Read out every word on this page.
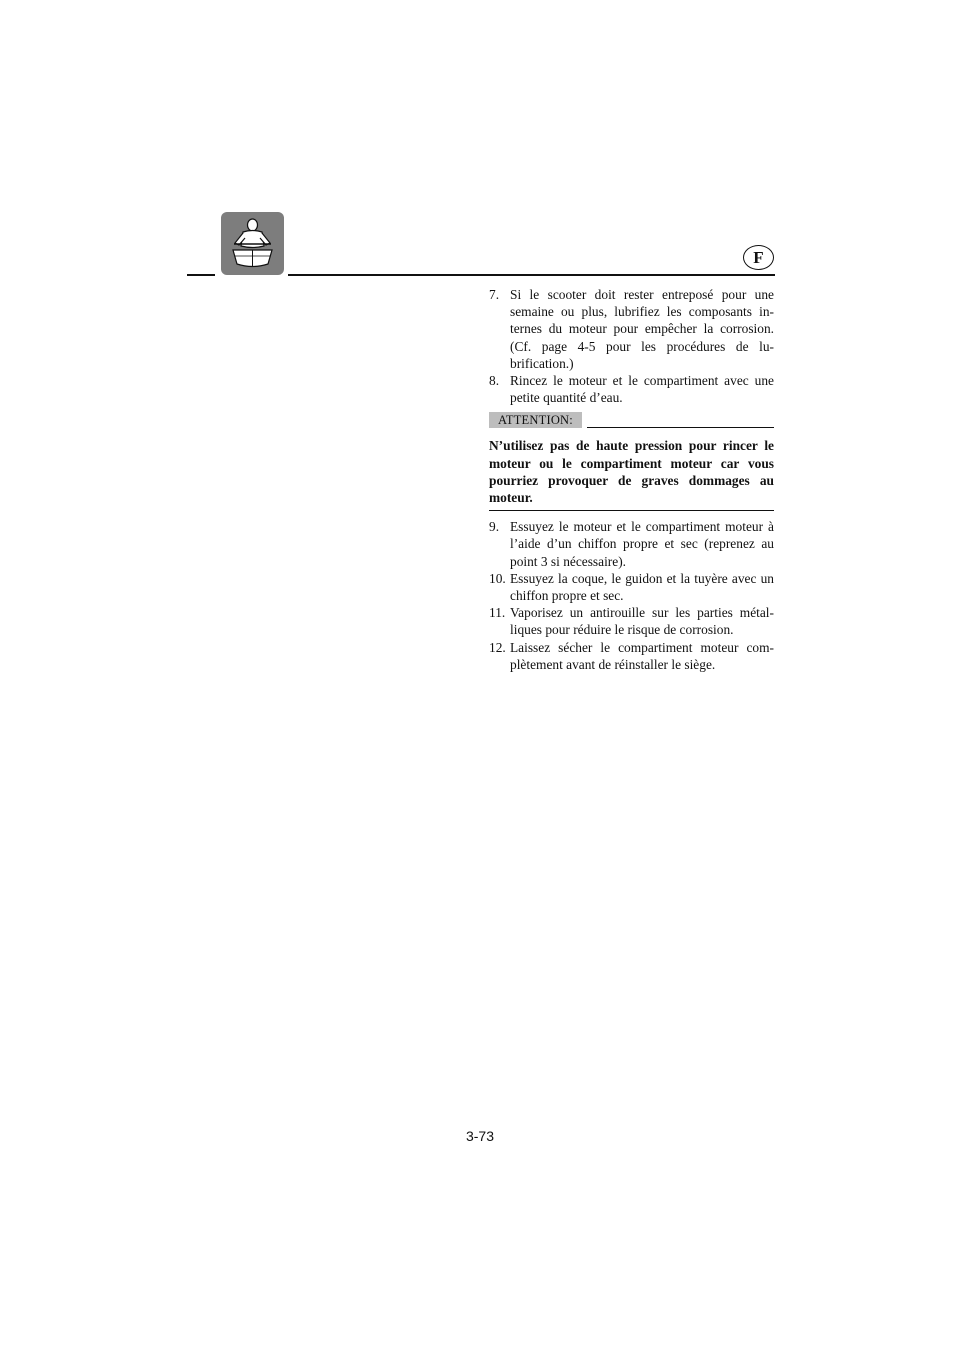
F
7. Si le scooter doit rester entreposé pour une semaine ou plus, lubrifiez les composants internes du moteur pour empêcher la corrosion. (Cf. page 4-5 pour les procédures de lubrification.)
8. Rincez le moteur et le compartiment avec une petite quantité d’eau.
ATTENTION:
N’utilisez pas de haute pression pour rincer le moteur ou le compartiment moteur car vous pourriez provoquer de graves dommages au moteur.
9. Essuyez le moteur et le compartiment moteur à l’aide d’un chiffon propre et sec (reprenez au point 3 si nécessaire).
10. Essuyez la coque, le guidon et la tuyère avec un chiffon propre et sec.
11. Vaporisez un antirouille sur les parties métalliques pour réduire le risque de corrosion.
12. Laissez sécher le compartiment moteur complètement avant de réinstaller le siège.
3-73
